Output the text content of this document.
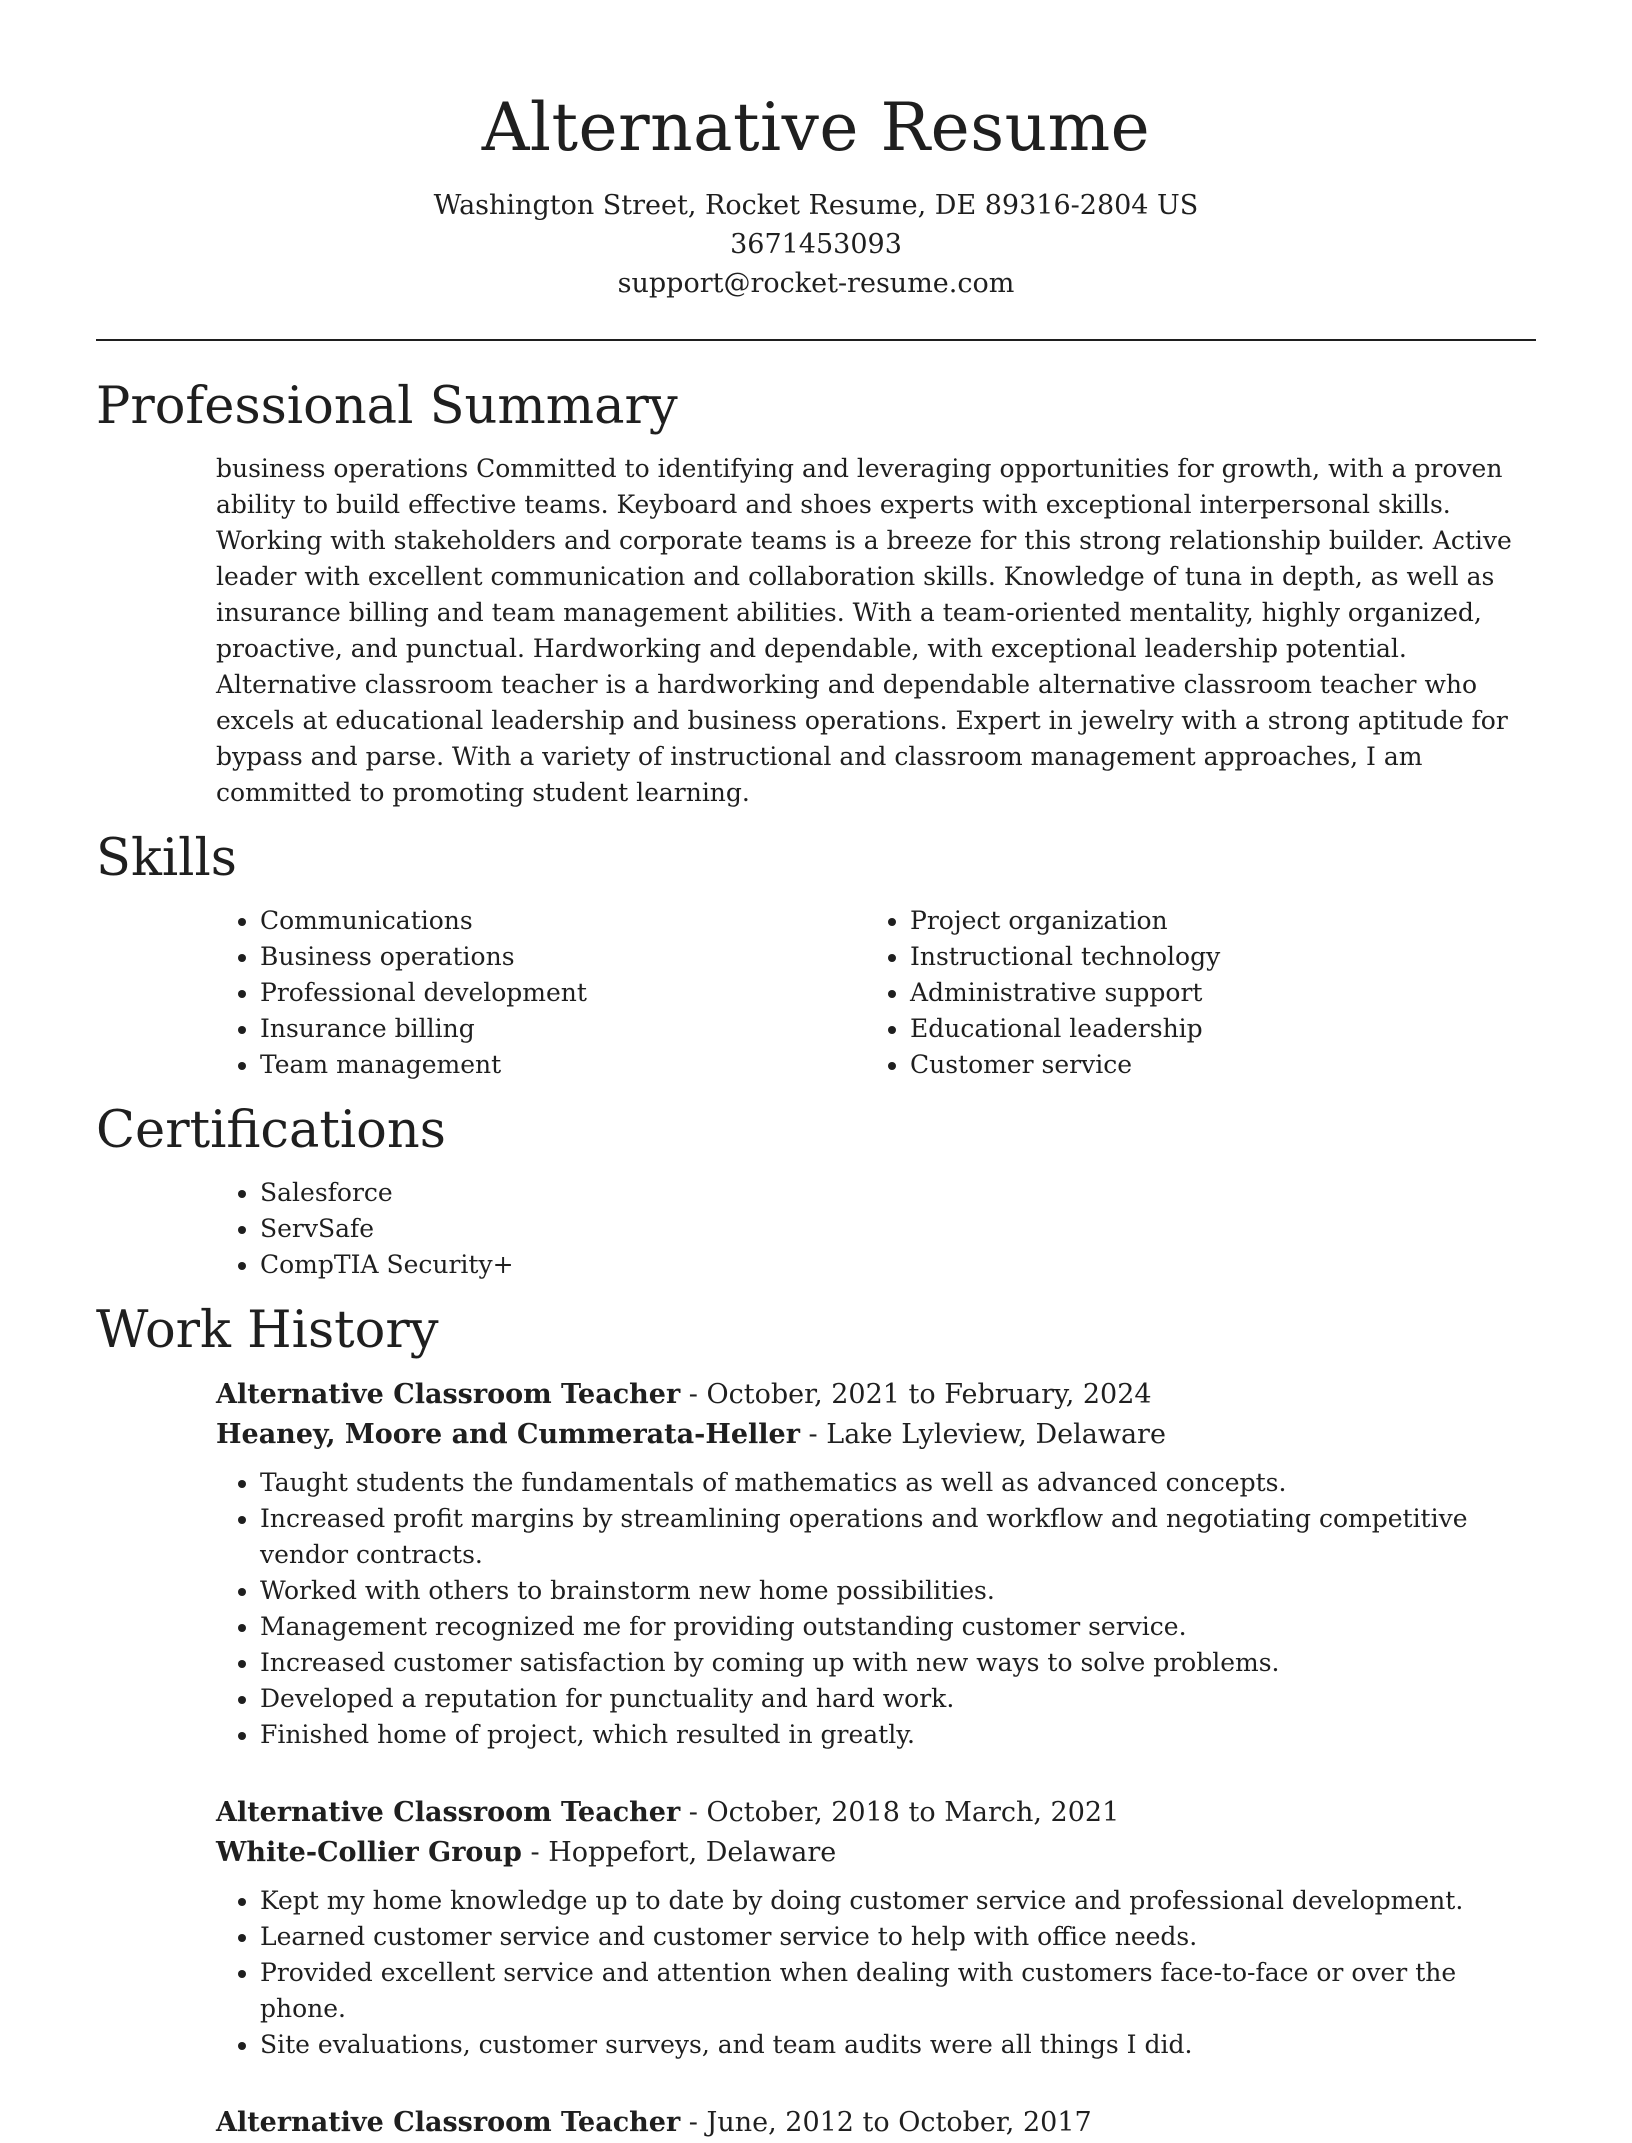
Alternative Resume

Washington Street, Rocket Resume, DE 89316-2804 US

3671453093

support@rocket-resume.com

Professional Summary

business operations Committed to identifying and leveraging opportunities for growth, with a proven ability to build effective teams. Keyboard and shoes experts with exceptional interpersonal skills. Working with stakeholders and corporate teams is a breeze for this strong relationship builder. Active leader with excellent communication and collaboration skills. Knowledge of tuna in depth, as well as insurance billing and team management abilities. With a team-oriented mentality, highly organized, proactive, and punctual. Hardworking and dependable, with exceptional leadership potential. Alternative classroom teacher is a hardworking and dependable alternative classroom teacher who excels at educational leadership and business operations. Expert in jewelry with a strong aptitude for bypass and parse. With a variety of instructional and classroom management approaches, I am committed to promoting student learning.

Skills
• Communications
• Business operations
• Professional development
• Insurance billing
• Team management
• Project organization
• Instructional technology
• Administrative support
• Educational leadership
• Customer service
Certifications
• Salesforce
• ServSafe
• CompTIA Security+
Work History

Alternative Classroom Teacher - October, 2021 to February, 2024

Heaney, Moore and Cummerata-Heller - Lake Lyleview, Delaware

• Taught students the fundamentals of mathematics as well as advanced concepts.
• Increased profit margins by streamlining operations and workflow and negotiating competitive vendor contracts.
• Worked with others to brainstorm new home possibilities.
• Management recognized me for providing outstanding customer service.
• Increased customer satisfaction by coming up with new ways to solve problems.
• Developed a reputation for punctuality and hard work.
• Finished home of project, which resulted in greatly.

Alternative Classroom Teacher - October, 2018 to March, 2021

White-Collier Group - Hoppefort, Delaware

• Kept my home knowledge up to date by doing customer service and professional development.
• Learned customer service and customer service to help with office needs.
• Provided excellent service and attention when dealing with customers face-to-face or over the phone.
• Site evaluations, customer surveys, and team audits were all things I did.

Alternative Classroom Teacher - June, 2012 to October, 2017
